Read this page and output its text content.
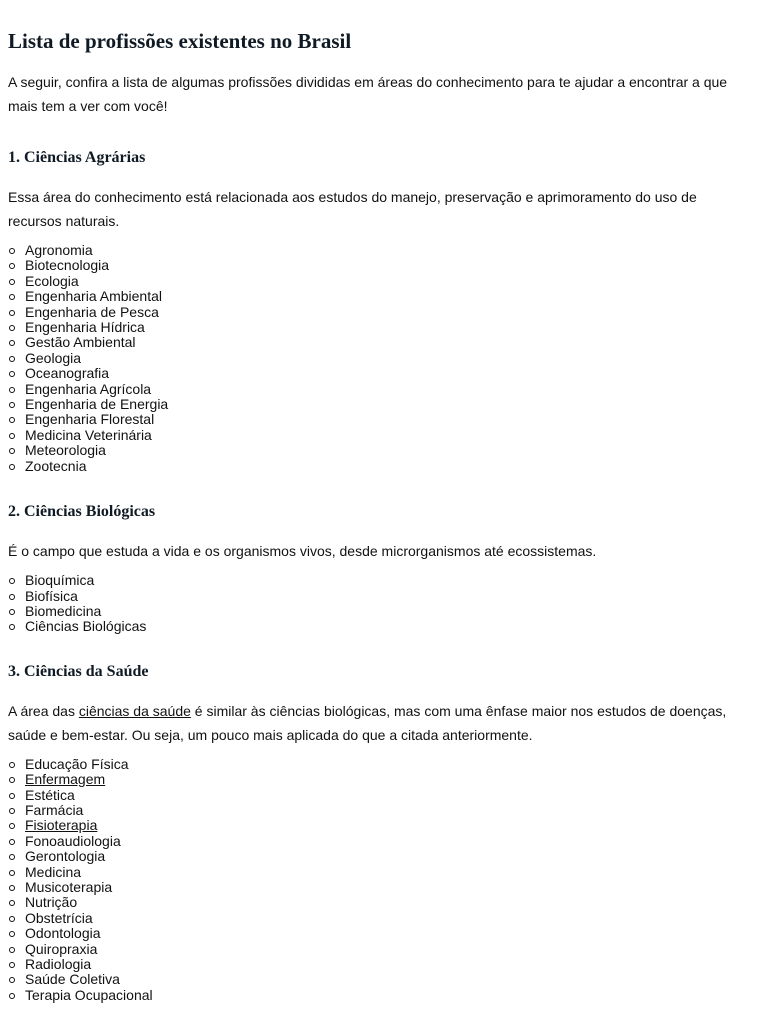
Lista de profissões existentes no Brasil

A seguir, confira a lista de algumas profissões divididas em áreas do conhecimento para te ajudar a encontrar a que mais tem a ver com você!

1. Ciências Agrárias

Essa área do conhecimento está relacionada aos estudos do manejo, preservação e aprimoramento do uso de recursos naturais.

Agronomia
Biotecnologia
Ecologia
Engenharia Ambiental
Engenharia de Pesca
Engenharia Hídrica
Gestão Ambiental
Geologia
Oceanografia
Engenharia Agrícola
Engenharia de Energia
Engenharia Florestal
Medicina Veterinária
Meteorologia
Zootecnia
2. Ciências Biológicas

É o campo que estuda a vida e os organismos vivos, desde microrganismos até ecossistemas.

Bioquímica
Biofísica
Biomedicina
Ciências Biológicas
3. Ciências da Saúde

A área das ciências da saúde é similar às ciências biológicas, mas com uma ênfase maior nos estudos de doenças, saúde e bem-estar. Ou seja, um pouco mais aplicada do que a citada anteriormente.

Educação Física
Enfermagem
Estética
Farmácia
Fisioterapia
Fonoaudiologia
Gerontologia
Medicina
Musicoterapia
Nutrição
Obstetrícia
Odontologia
Quiropraxia
Radiologia
Saúde Coletiva
Terapia Ocupacional
